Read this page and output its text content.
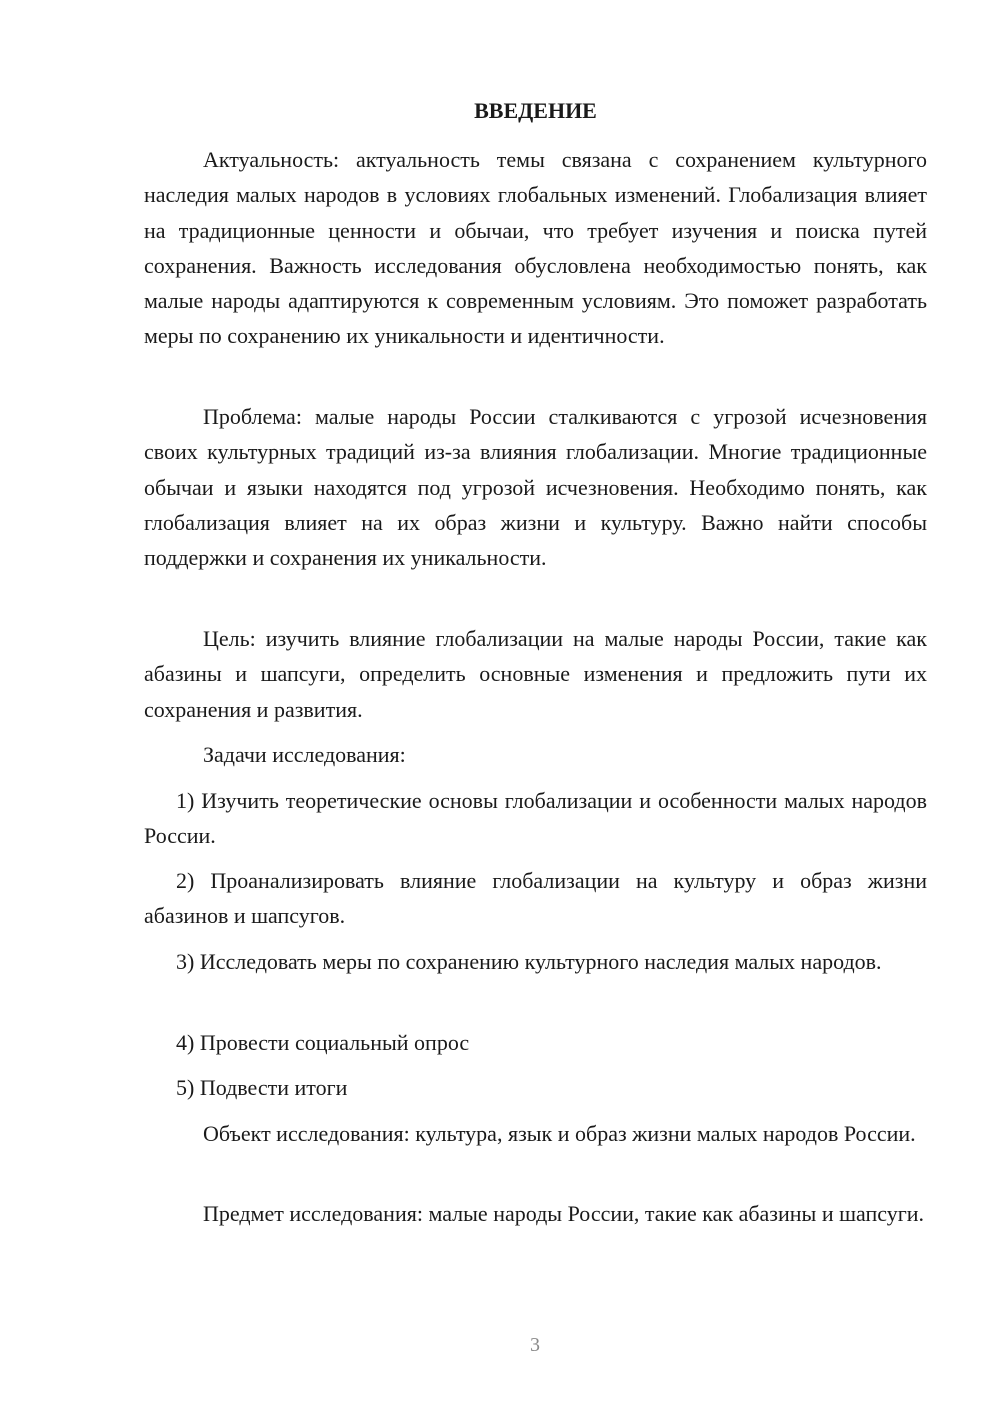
ВВЕДЕНИЕ

Актуальность: актуальность темы связана с сохранением культурного наследия малых народов в условиях глобальных изменений. Глобализация влияет на традиционные ценности и обычаи, что требует изучения и поиска путей сохранения. Важность исследования обусловлена необходимостью понять, как малые народы адаптируются к современным условиям. Это поможет разработать меры по сохранению их уникальности и идентичности.

Проблема: малые народы России сталкиваются с угрозой исчезновения своих культурных традиций из-за влияния глобализации. Многие традиционные обычаи и языки находятся под угрозой исчезновения. Необходимо понять, как глобализация влияет на их образ жизни и культуру. Важно найти способы поддержки и сохранения их уникальности.

Цель: изучить влияние глобализации на малые народы России, такие как абазины и шапсуги, определить основные изменения и предложить пути их сохранения и развития.

Задачи исследования:

1) Изучить теоретические основы глобализации и особенности малых народов России.

2) Проанализировать влияние глобализации на культуру и образ жизни абазинов и шапсугов.

3) Исследовать меры по сохранению культурного наследия малых народов.

4) Провести социальный опрос

5) Подвести итоги

Объект исследования: культура, язык и образ жизни малых народов России.

Предмет исследования: малые народы России, такие как абазины и шапсуги.

3
